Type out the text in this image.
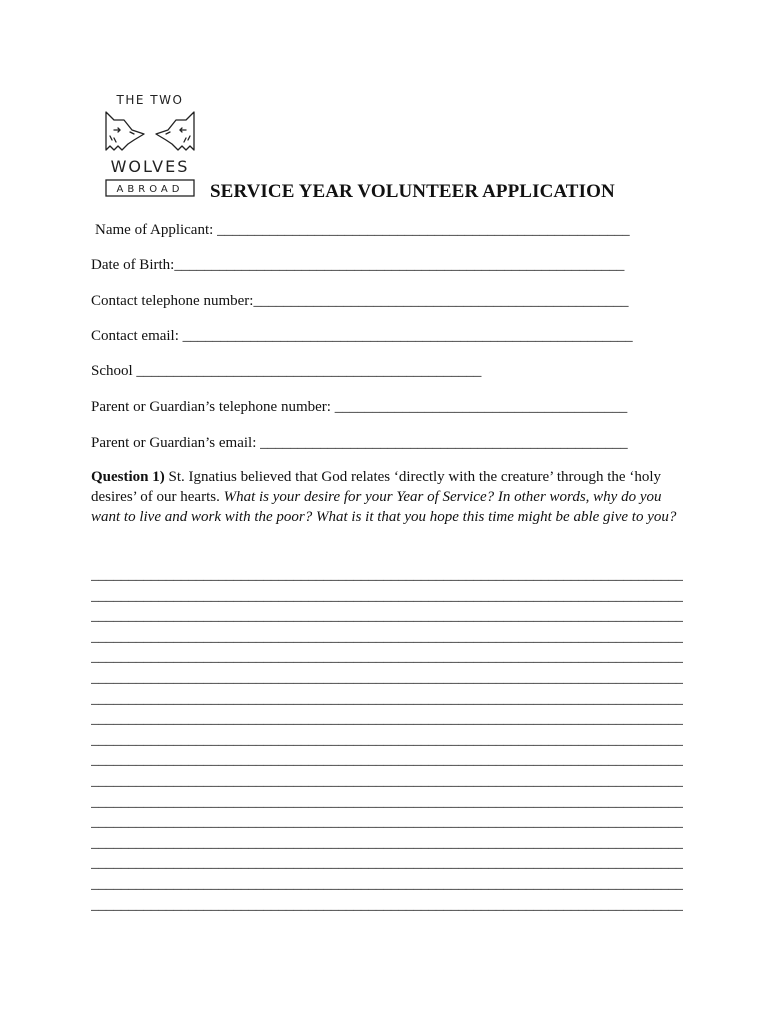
THE TWO
WOLVES
ABROAD SERVICE YEAR VOLUNTEER APPLICATION
Name of Applicant: _______________________________________________________
Date of Birth:____________________________________________________________
Contact telephone number:__________________________________________________
Contact email: ____________________________________________________________
School ______________________________________________
Parent or Guardian’s telephone number: _______________________________________
Parent or Guardian’s email: _________________________________________________
Question 1) St. Ignatius believed that God relates ‘directly with the creature’ through the ‘holy desires’ of our hearts. What is your desire for your Year of Service? In other words, why do you want to live and work with the poor? What is it that you hope this time might be able give to you?
_______________________________________________________________________________
_______________________________________________________________________________
_______________________________________________________________________________
_______________________________________________________________________________
_______________________________________________________________________________
_______________________________________________________________________________
_______________________________________________________________________________
_______________________________________________________________________________
_______________________________________________________________________________
_______________________________________________________________________________
_______________________________________________________________________________
_______________________________________________________________________________
_______________________________________________________________________________
_______________________________________________________________________________
_______________________________________________________________________________
_______________________________________________________________________________
_______________________________________________________________________________
